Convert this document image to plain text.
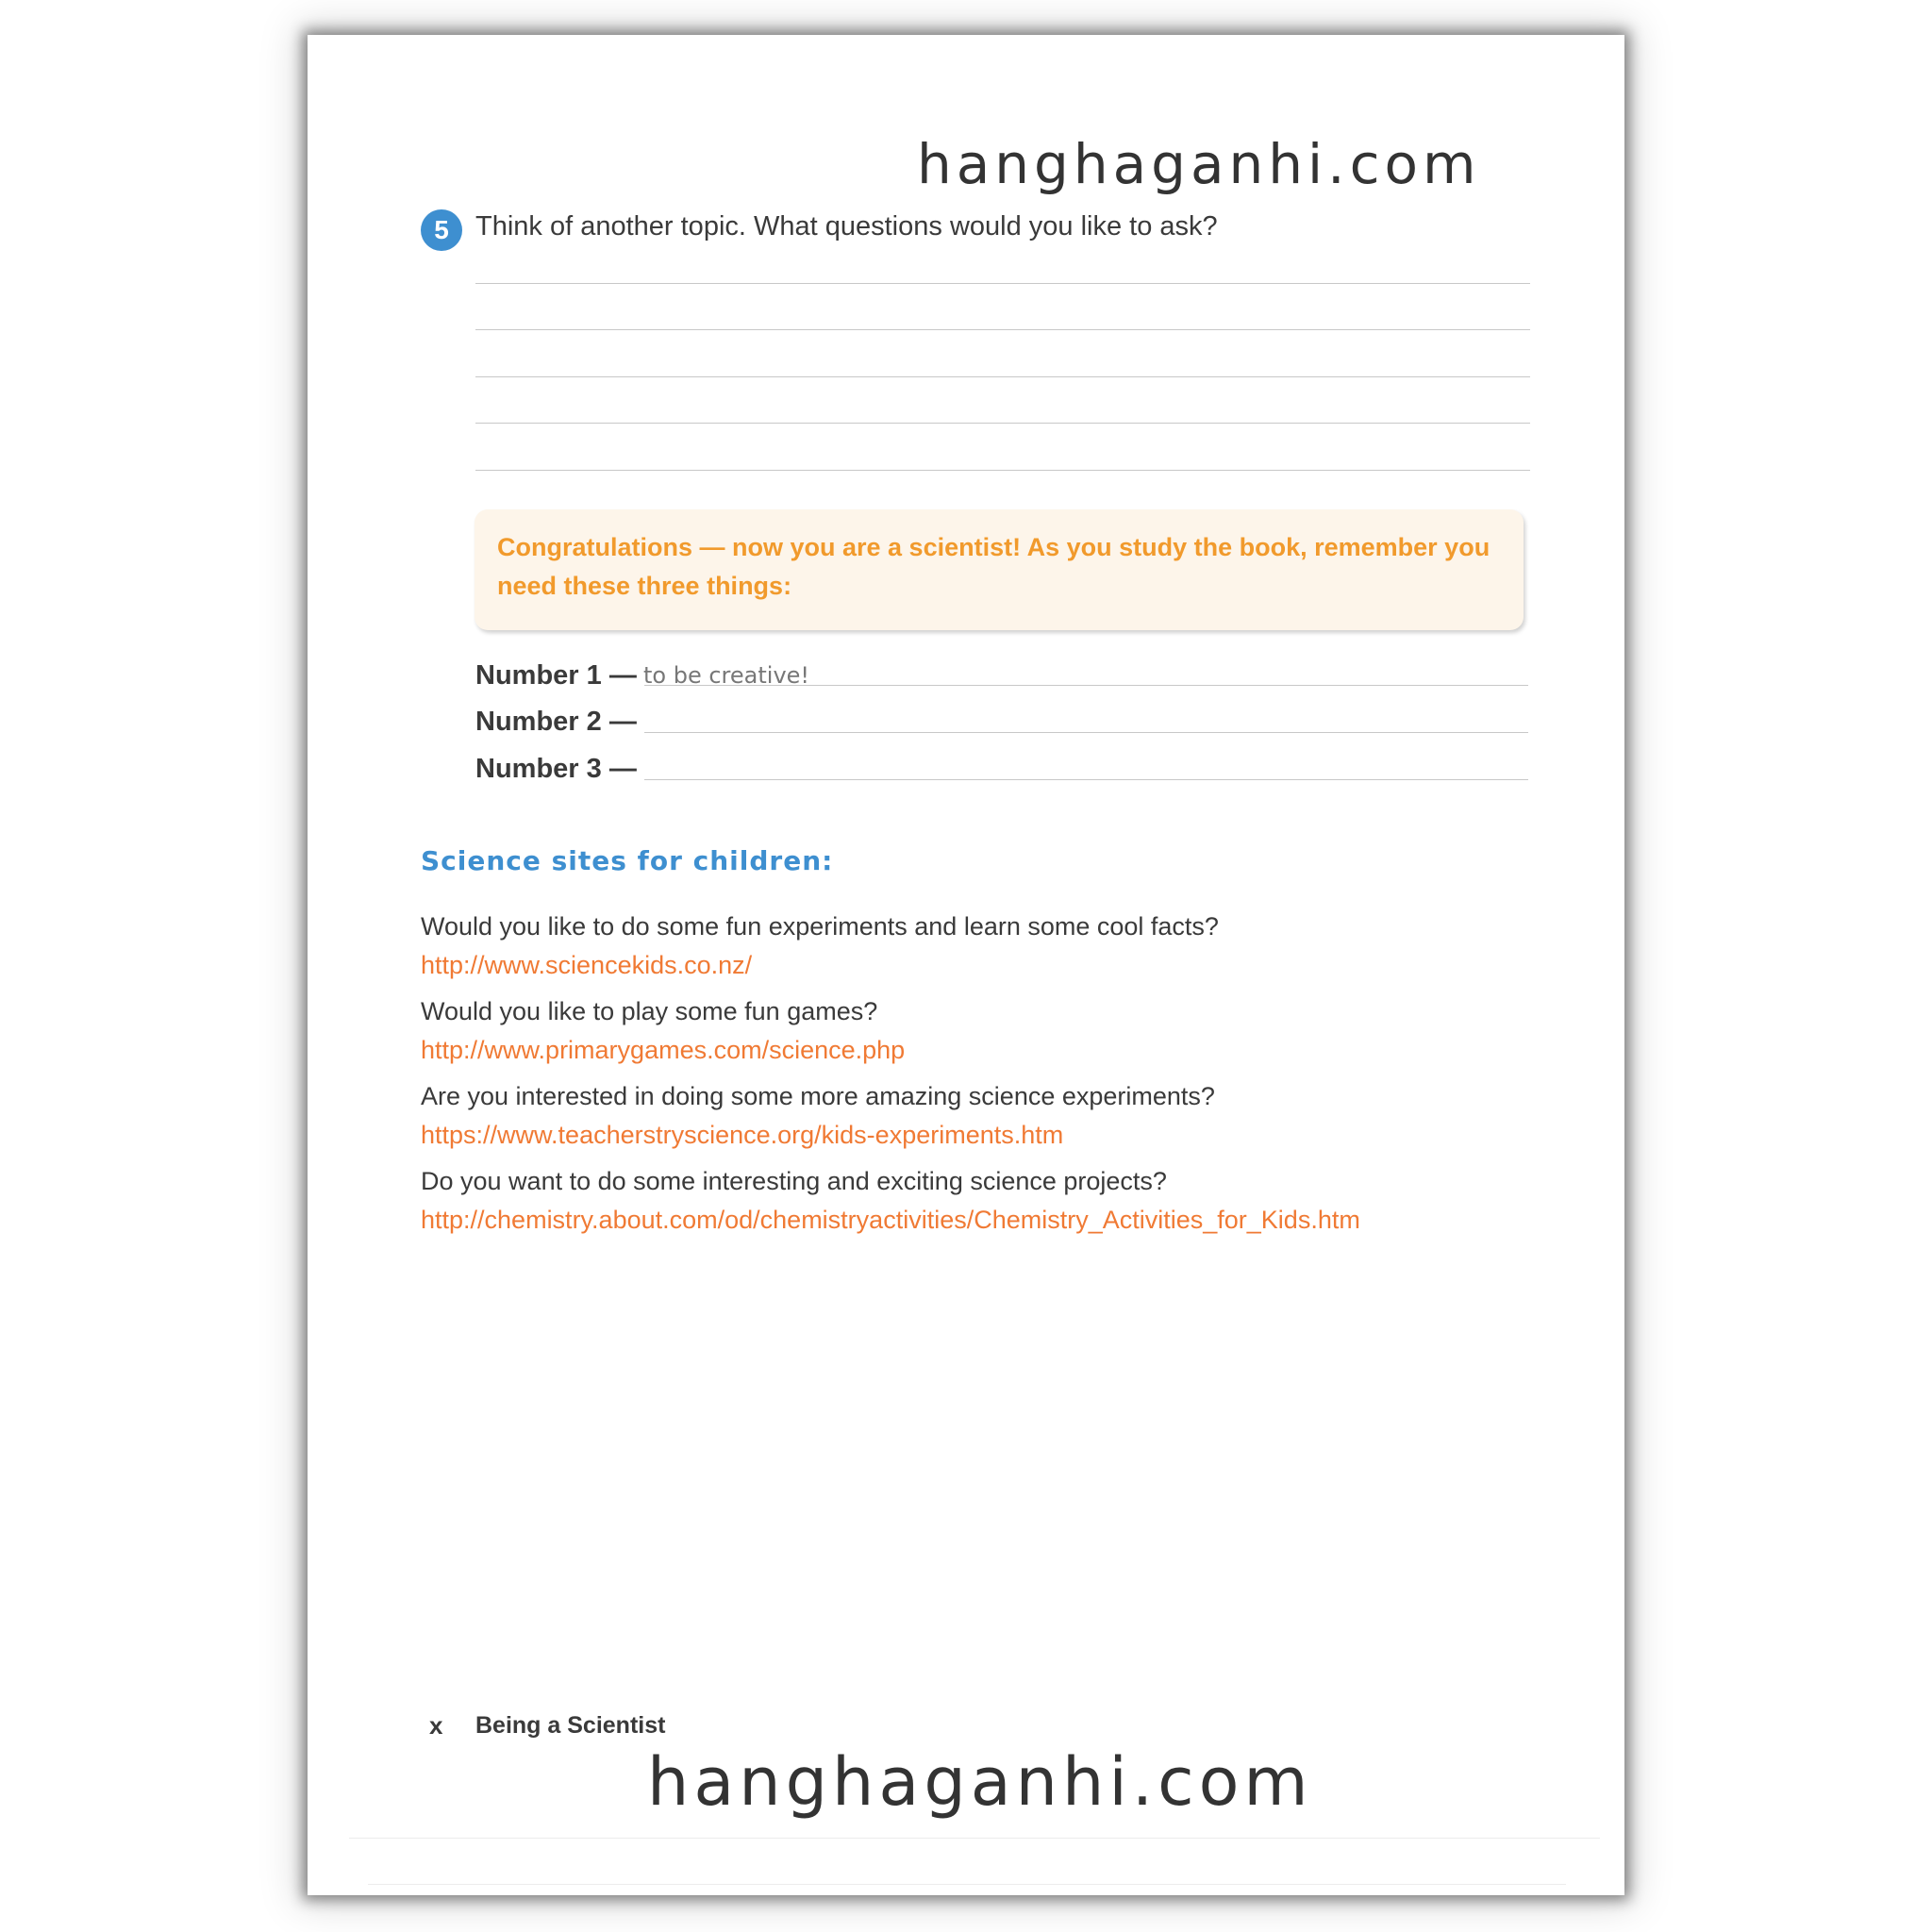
hanghaganhi.com
5 Think of another topic. What questions would you like to ask?
Congratulations — now you are a scientist! As you study the book, remember you need these three things:
Number 1 — to be creative!
Number 2 —
Number 3 —
Science sites for children:
Would you like to do some fun experiments and learn some cool facts?
http://www.sciencekids.co.nz/
Would you like to play some fun games?
http://www.primarygames.com/science.php
Are you interested in doing some more amazing science experiments?
https://www.teacherstryscience.org/kids-experiments.htm
Do you want to do some interesting and exciting science projects?
http://chemistry.about.com/od/chemistryactivities/Chemistry_Activities_for_Kids.htm
x Being a Scientist
hanghaganhi.com
